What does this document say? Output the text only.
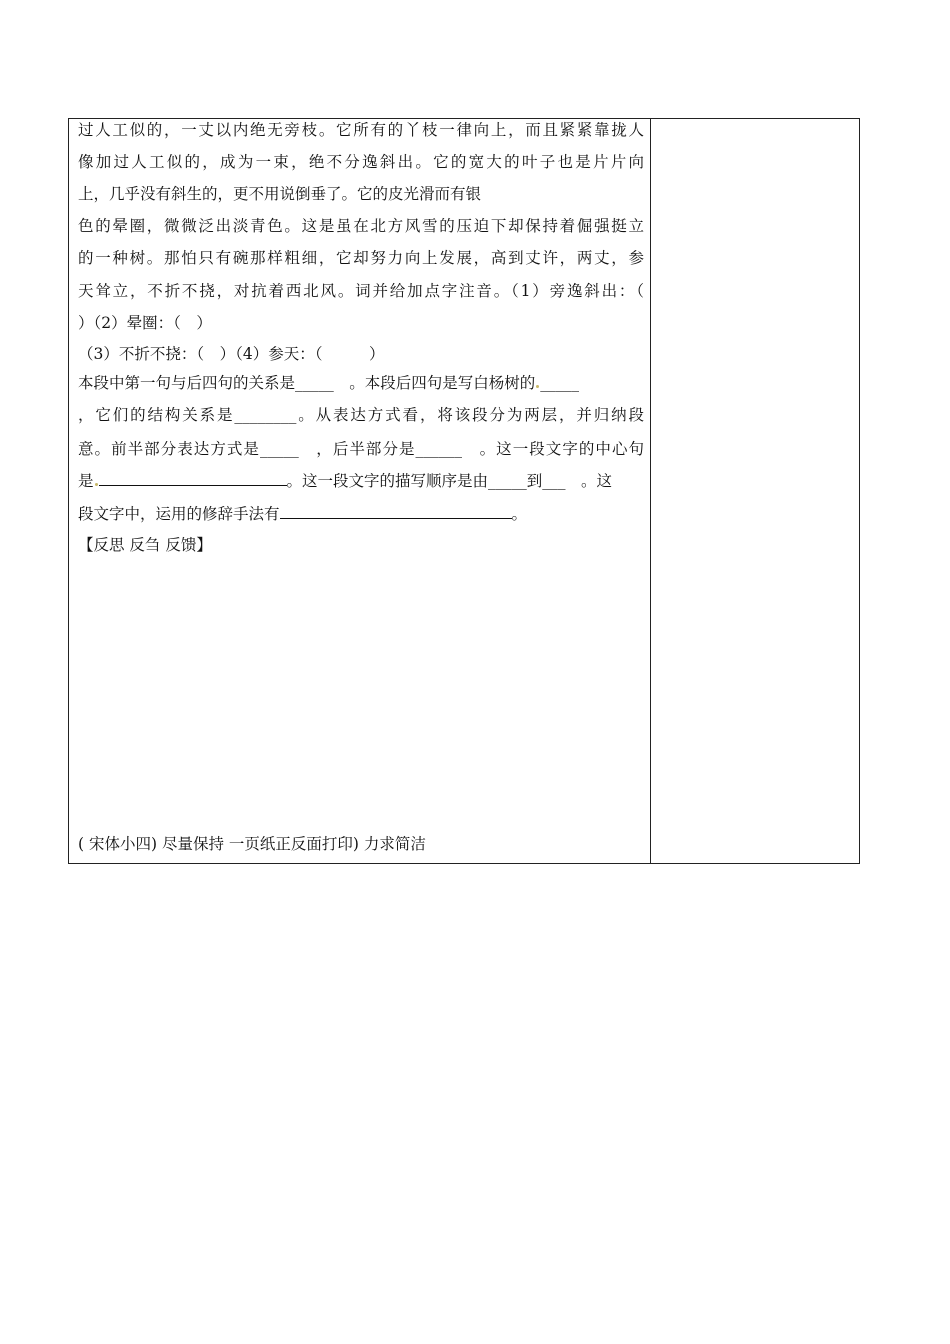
过人工似的，一丈以内绝无旁枝。它所有的丫枝一律向上，而且紧紧靠拢人
像加过人工似的，成为一束，绝不分逸斜出。它的宽大的叶子也是片片向
上，几乎没有斜生的，更不用说倒垂了。它的皮光滑而有银
色的晕圈，微微泛出淡青色。这是虽在北方风雪的压迫下却保持着倔强挺立
的一种树。那怕只有碗那样粗细，它却努力向上发展，高到丈许，两丈，参
天耸立，不折不挠，对抗着西北风。词并给加点字注音。（1）旁逸斜出：（
）（2）晕圈：（　）
（3）不折不挠：（　）（4）参天：（　　　）
本段中第一句与后四句的关系是_____　。本段后四句是写白杨树的 _____
，它们的结构关系是________。从表达方式看，将该段分为两层，并归纳段
意。前半部分表达方式是_____　，后半部分是______　。这一段文字的中心句
是	。这一段文字的描写顺序是由_____到___　。这
段文字中，运用的修辞手法有	。
【反思 反刍 反馈】
( 宋体小四) 尽量保持 一页纸正反面打印) 力求简洁
